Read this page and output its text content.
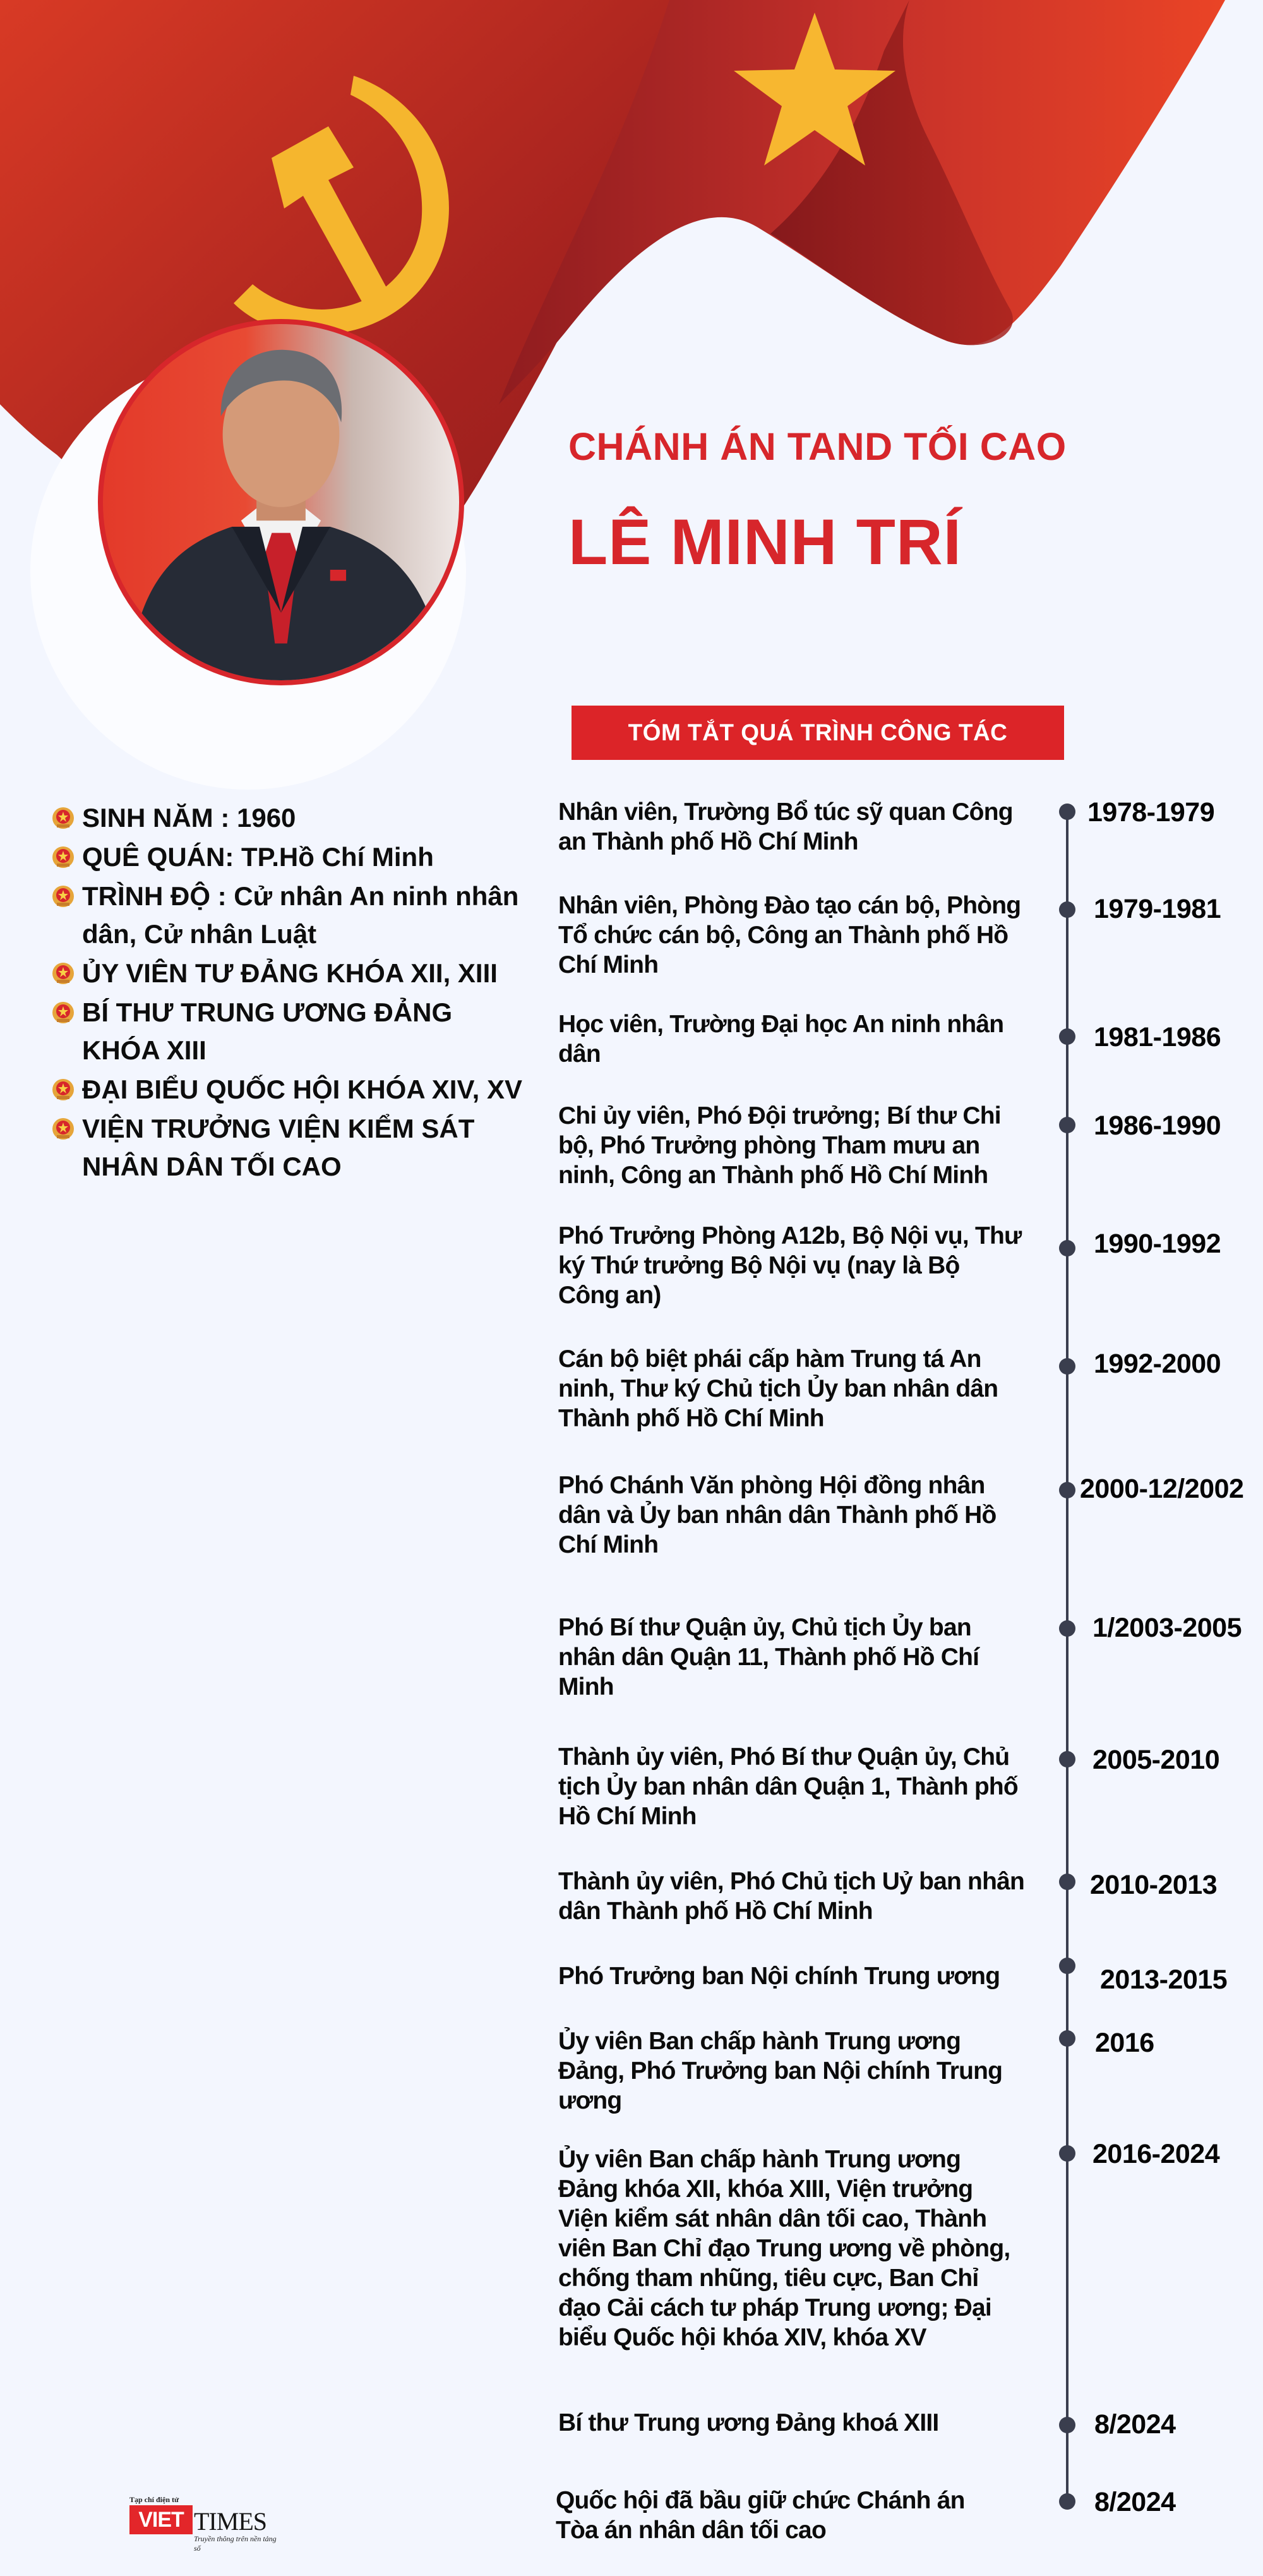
CHÁNH ÁN TAND TỐI CAO
LÊ MINH TRÍ
TÓM TẮT QUÁ TRÌNH CÔNG TÁC
SINH NĂM : 1960
QUÊ QUÁN: TP.Hồ Chí Minh
TRÌNH ĐỘ : Cử nhân An ninh nhân dân, Cử nhân Luật
ỦY VIÊN TƯ ĐẢNG KHÓA XII, XIII
BÍ THƯ TRUNG ƯƠNG ĐẢNG KHÓA XIII
ĐẠI BIỂU QUỐC HỘI KHÓA XIV, XV
VIỆN TRƯỞNG VIỆN KIỂM SÁT NHÂN DÂN TỐI CAO
Nhân viên, Trường Bổ túc sỹ quan Công an Thành phố Hồ Chí Minh
1978-1979
Nhân viên, Phòng Đào tạo cán bộ, Phòng Tổ chức cán bộ, Công an Thành phố Hồ Chí Minh
1979-1981
Học viên, Trường Đại học An ninh nhân dân
1981-1986
Chi ủy viên, Phó Đội trưởng; Bí thư Chi bộ, Phó Trưởng phòng Tham mưu an ninh, Công an Thành phố Hồ Chí Minh
1986-1990
Phó Trưởng Phòng A12b, Bộ Nội vụ, Thư ký Thứ trưởng Bộ Nội vụ (nay là Bộ Công an)
1990-1992
Cán bộ biệt phái cấp hàm Trung tá An ninh, Thư ký Chủ tịch Ủy ban nhân dân Thành phố Hồ Chí Minh
1992-2000
Phó Chánh Văn phòng Hội đồng nhân dân và Ủy ban nhân dân Thành phố Hồ Chí Minh
2000-12/2002
Phó Bí thư Quận ủy, Chủ tịch Ủy ban nhân dân Quận 11, Thành phố Hồ Chí Minh
1/2003-2005
Thành ủy viên, Phó Bí thư Quận ủy, Chủ tịch Ủy ban nhân dân Quận 1, Thành phố Hồ Chí Minh
2005-2010
Thành ủy viên, Phó Chủ tịch Uỷ ban nhân dân Thành phố Hồ Chí Minh
2010-2013
Phó Trưởng ban Nội chính Trung ương	2013-2015
Ủy viên Ban chấp hành Trung ương Đảng, Phó Trưởng ban Nội chính Trung ương
2016
Ủy viên Ban chấp hành Trung ương Đảng khóa XII, khóa XIII, Viện trưởng Viện kiểm sát nhân dân tối cao, Thành viên Ban Chỉ đạo Trung ương về phòng, chống tham nhũng, tiêu cực, Ban Chỉ đạo Cải cách tư pháp Trung ương; Đại biểu Quốc hội khóa XIV, khóa XV
2016-2024
Bí thư Trung ương Đảng khoá XIII	8/2024
Quốc hội đã bầu giữ chức Chánh án Tòa án nhân dân tối cao
8/2024
Tạp chí điện tử
VIET TIMES
Truyền thông trên nền tảng số
